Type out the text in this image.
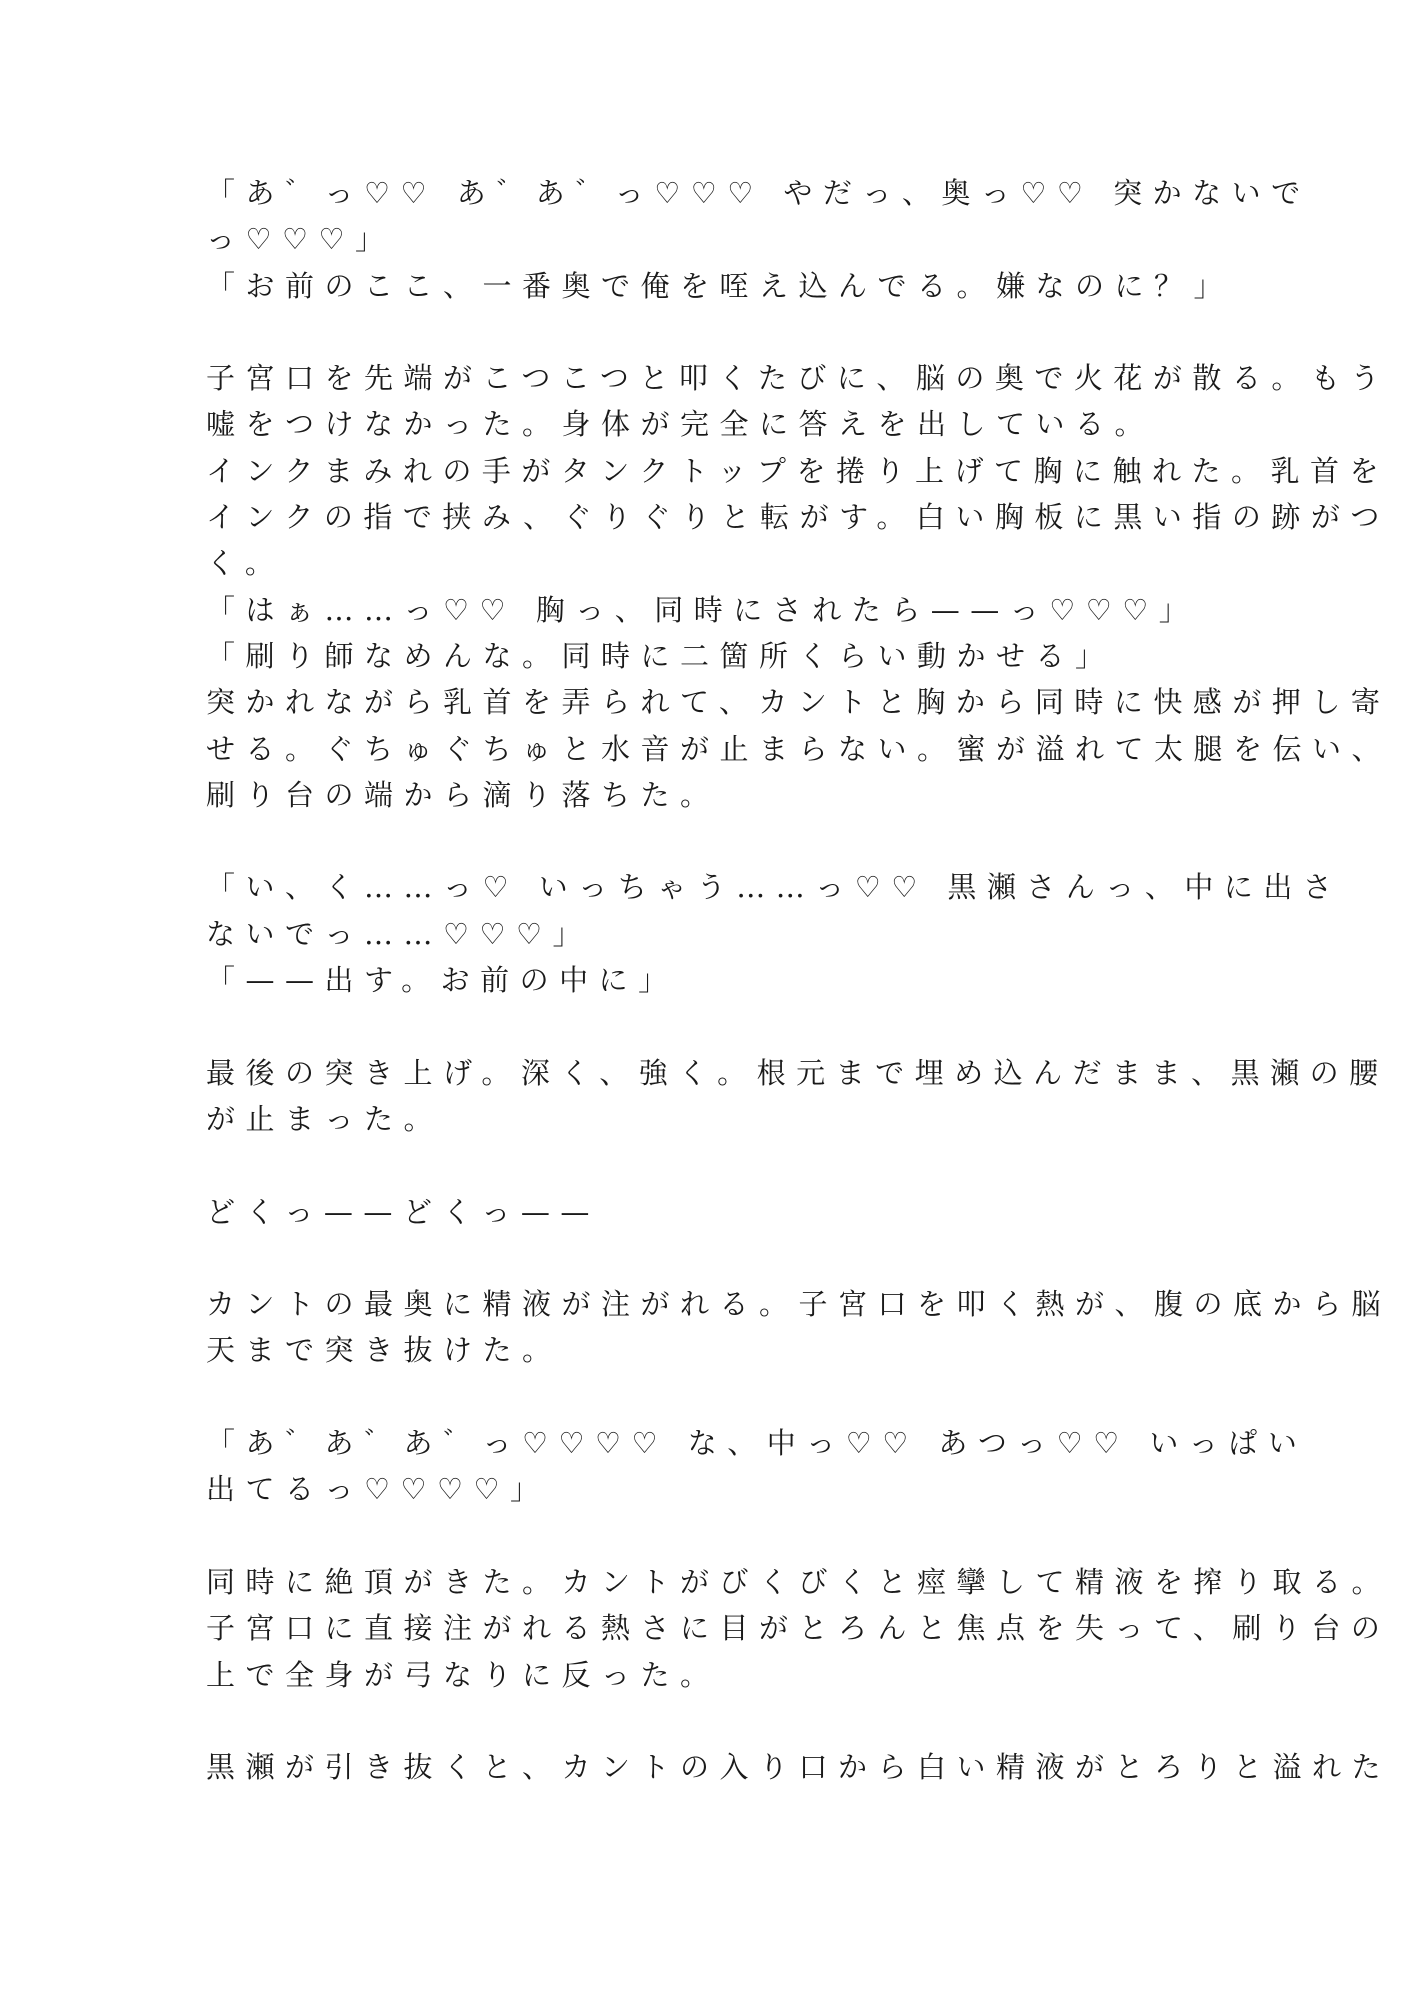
「あ゛っ♡♡ あ゛あ゛っ♡♡♡ やだっ、奥っ♡♡ 突かないで
っ♡♡♡」
「お前のここ、一番奥で俺を咥え込んでる。嫌なのに？」
子宮口を先端がこつこつと叩くたびに、脳の奥で火花が散る。もう
嘘をつけなかった。身体が完全に答えを出している。
インクまみれの手がタンクトップを捲り上げて胸に触れた。乳首を
インクの指で挟み、ぐりぐりと転がす。白い胸板に黒い指の跡がつ
く。
「はぁ……っ♡♡ 胸っ、同時にされたら——っ♡♡♡」
「刷り師なめんな。同時に二箇所くらい動かせる」
突かれながら乳首を弄られて、カントと胸から同時に快感が押し寄
せる。ぐちゅぐちゅと水音が止まらない。蜜が溢れて太腿を伝い、
刷り台の端から滴り落ちた。
「い、く……っ♡ いっちゃう……っ♡♡ 黒瀬さんっ、中に出さ
ないでっ……♡♡♡」
「——出す。お前の中に」
最後の突き上げ。深く、強く。根元まで埋め込んだまま、黒瀬の腰
が止まった。
どくっ——どくっ——
カントの最奥に精液が注がれる。子宮口を叩く熱が、腹の底から脳
天まで突き抜けた。
「あ゛あ゛あ゛っ♡♡♡♡ な、中っ♡♡ あつっ♡♡ いっぱい
出てるっ♡♡♡♡」
同時に絶頂がきた。カントがびくびくと痙攣して精液を搾り取る。
子宮口に直接注がれる熱さに目がとろんと焦点を失って、刷り台の
上で全身が弓なりに反った。
黒瀬が引き抜くと、カントの入り口から白い精液がとろりと溢れた
